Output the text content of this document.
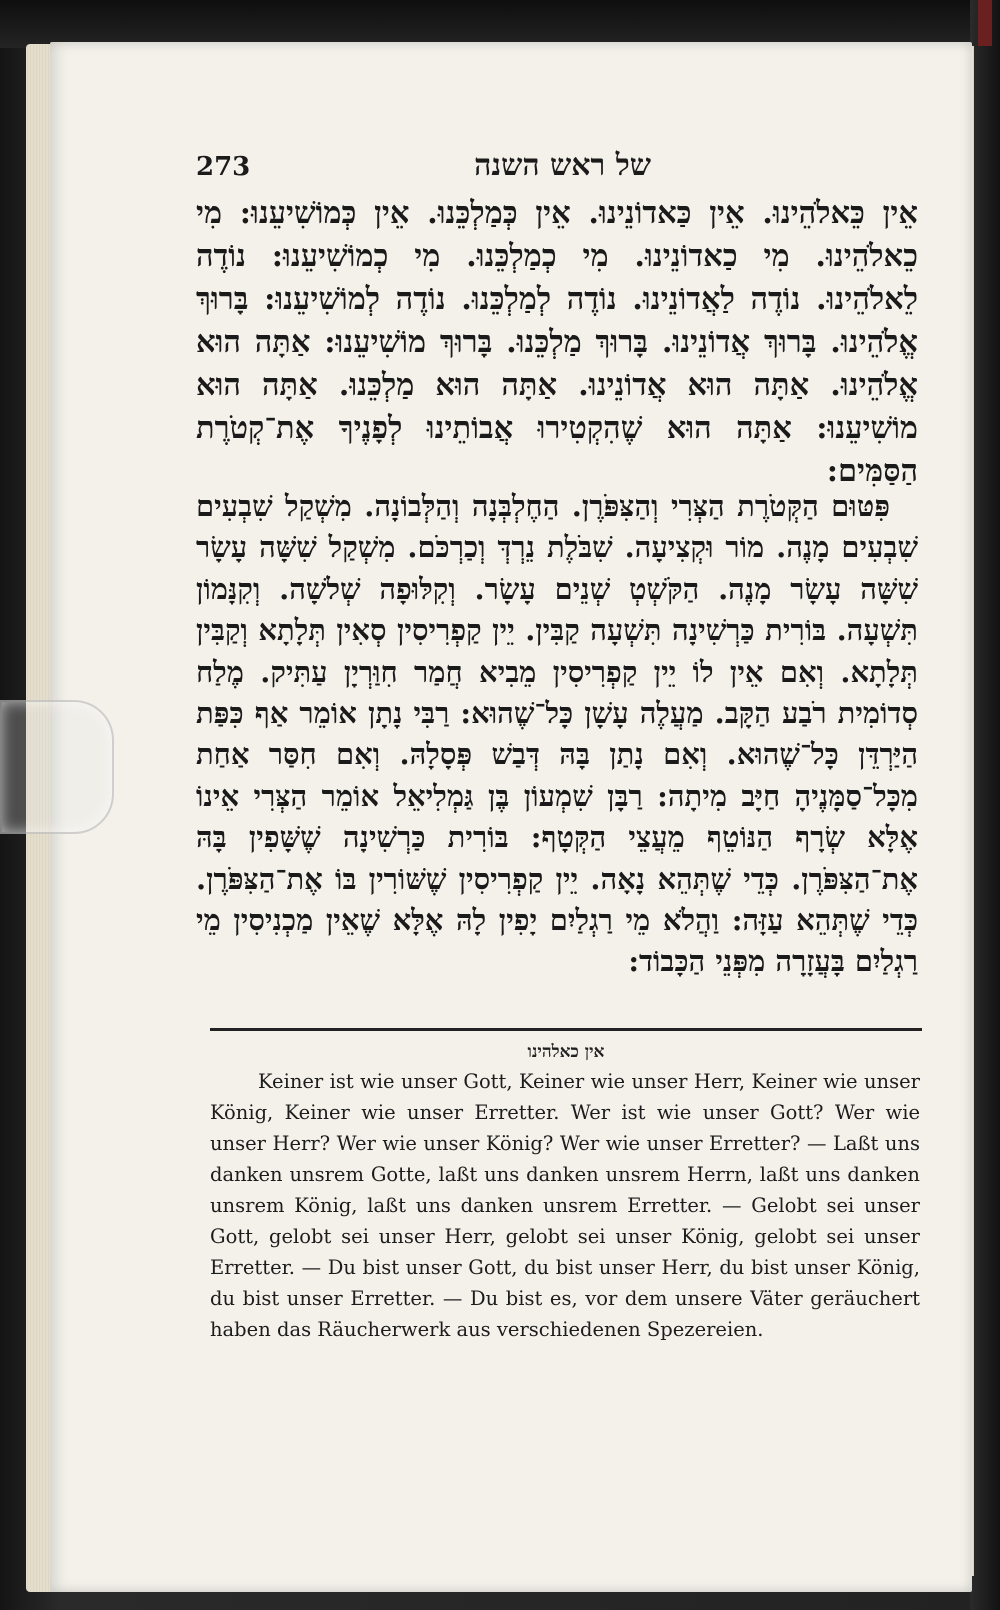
273	של ראש השנה

אֵין כֵּאלֹהֵינוּ. אֵין כַּאדוֹנֵינוּ. אֵין כְּמַלְכֵּנוּ. אֵין כְּמוֹשִׁיעֵנוּ: מִי כֵאלֹהֵינוּ. מִי כַאדוֹנֵינוּ. מִי כְמַלְכֵּנוּ. מִי כְמוֹשִׁיעֵנוּ: נוֹדֶה לֵאלֹהֵינוּ. נוֹדֶה לַאֲדוֹנֵינוּ. נוֹדֶה לְמַלְכֵּנוּ. נוֹדֶה לְמוֹשִׁיעֵנוּ: בָּרוּךְ אֱלֹהֵינוּ. בָּרוּךְ אֲדוֹנֵינוּ. בָּרוּךְ מַלְכֵּנוּ. בָּרוּךְ מוֹשִׁיעֵנוּ: אַתָּה הוּא אֱלֹהֵינוּ. אַתָּה הוּא אֲדוֹנֵינוּ. אַתָּה הוּא מַלְכֵּנוּ. אַתָּה הוּא מוֹשִׁיעֵנוּ: אַתָּה הוּא שֶׁהִקְטִירוּ אֲבוֹתֵינוּ לְפָנֶיךָ אֶת־קְטֹרֶת הַסַּמִּים:

פִּטּוּם הַקְּטֹרֶת הַצְּרִי וְהַצִּפֹּרֶן. הַחֶלְבְּנָה וְהַלְּבוֹנָה. מִשְׁקַל שִׁבְעִים שִׁבְעִים מָנֶה. מוֹר וּקְצִיעָה. שִׁבֹּלֶת נֵרְדְּ וְכַרְכֹּם. מִשְׁקַל שִׁשָּׁה עָשָׂר שִׁשָּׁה עָשָׂר מָנֶה. הַקֹּשְׁטְ שְׁנֵים עָשָׂר. וְקִלּוּפָה שְׁלשָׁה. וְקִנָּמוֹן תִּשְׁעָה. בּוֹרִית כַּרְשִׁינָה תִּשְׁעָה קַבִּין. יֵין קַפְרִיסִין סְאִין תְּלָתָא וְקַבִּין תְּלָתָא. וְאִם אֵין לוֹ יֵין קַפְרִיסִין מֵבִיא חֲמַר חִוַּרְיָן עַתִּיק. מֶלַח סְדוֹמִית רֹבַע הַקָּב. מַעֲלֶה עָשָׁן כָּל־שֶׁהוּא: רַבִּי נָתָן אוֹמֵר אַף כִּפַּת הַיַּרְדֵּן כָּל־שֶׁהוּא. וְאִם נָתַן בָּהּ דְּבַשׁ פְּסָלָהּ. וְאִם חִסַּר אַחַת מִכָּל־סַמָּנֶיהָ חַיָּב מִיתָה: רַבָּן שִׁמְעוֹן בֶּן גַּמְלִיאֵל אוֹמֵר הַצְּרִי אֵינוֹ אֶלָּא שְׂרָף הַנּוֹטֵף מֵעֲצֵי הַקְּטָף: בּוֹרִית כַּרְשִׁינָה שֶׁשָּׁפִין בָּהּ אֶת־הַצִּפֹּרֶן. כְּדֵי שֶׁתְּהֵא נָאָה. יֵין קַפְרִיסִין שֶׁשּׁוֹרִין בּוֹ אֶת־הַצִּפֹּרֶן. כְּדֵי שֶׁתְּהֵא עַזָּה: וַהֲלֹא מֵי רַגְלַיִם יָפִין לָהּ אֶלָּא שֶׁאֵין מַכְנִיסִין מֵי רַגְלַיִם בָּעֲזָרָה מִפְּנֵי הַכָּבוֹד:

אין כאלהינו

Keiner ist wie unser Gott, Keiner wie unser Herr, Keiner wie unser König, Keiner wie unser Erretter. Wer ist wie unser Gott? Wer wie unser Herr? Wer wie unser König? Wer wie unser Erretter? — Laßt uns danken unsrem Gotte, laßt uns danken unsrem Herrn, laßt uns danken unsrem König, laßt uns danken unsrem Erretter. — Gelobt sei unser Gott, gelobt sei unser Herr, gelobt sei unser König, gelobt sei unser Erretter. — Du bist unser Gott, du bist unser Herr, du bist unser König, du bist unser Erretter. — Du bist es, vor dem unsere Väter geräuchert haben das Räucherwerk aus verschiedenen Spezereien.
